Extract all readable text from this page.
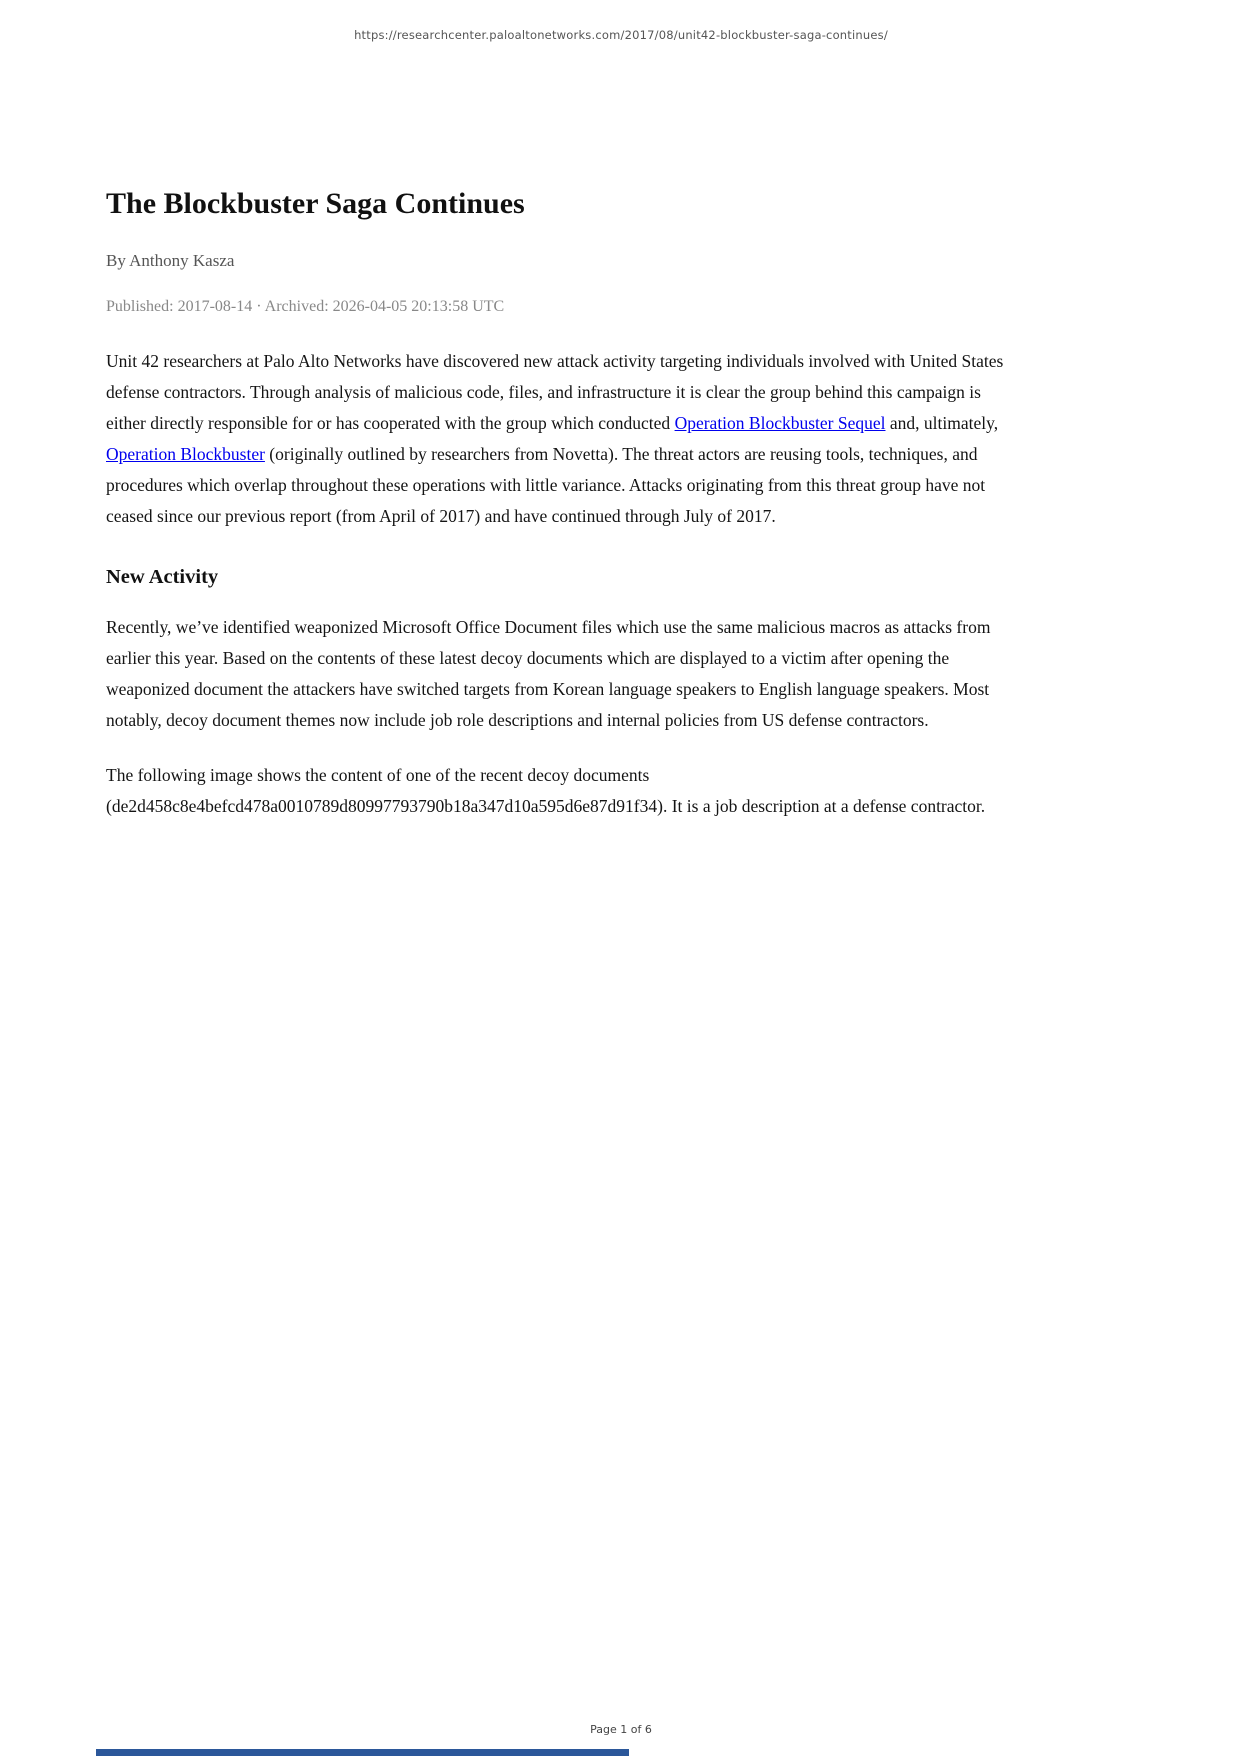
https://researchcenter.paloaltonetworks.com/2017/08/unit42-blockbuster-saga-continues/
The Blockbuster Saga Continues

By Anthony Kasza

Published: 2017-08-14 · Archived: 2026-04-05 20:13:58 UTC

Unit 42 researchers at Palo Alto Networks have discovered new attack activity targeting individuals involved with United States defense contractors. Through analysis of malicious code, files, and infrastructure it is clear the group behind this campaign is either directly responsible for or has cooperated with the group which conducted Operation Blockbuster Sequel and, ultimately, Operation Blockbuster (originally outlined by researchers from Novetta). The threat actors are reusing tools, techniques, and procedures which overlap throughout these operations with little variance. Attacks originating from this threat group have not ceased since our previous report (from April of 2017) and have continued through July of 2017.

New Activity

Recently, we’ve identified weaponized Microsoft Office Document files which use the same malicious macros as attacks from earlier this year. Based on the contents of these latest decoy documents which are displayed to a victim after opening the weaponized document the attackers have switched targets from Korean language speakers to English language speakers. Most notably, decoy document themes now include job role descriptions and internal policies from US defense contractors.

The following image shows the content of one of the recent decoy documents (de2d458c8e4befcd478a0010789d80997793790b18a347d10a595d6e87d91f34). It is a job description at a defense contractor.

Page 1 of 6
